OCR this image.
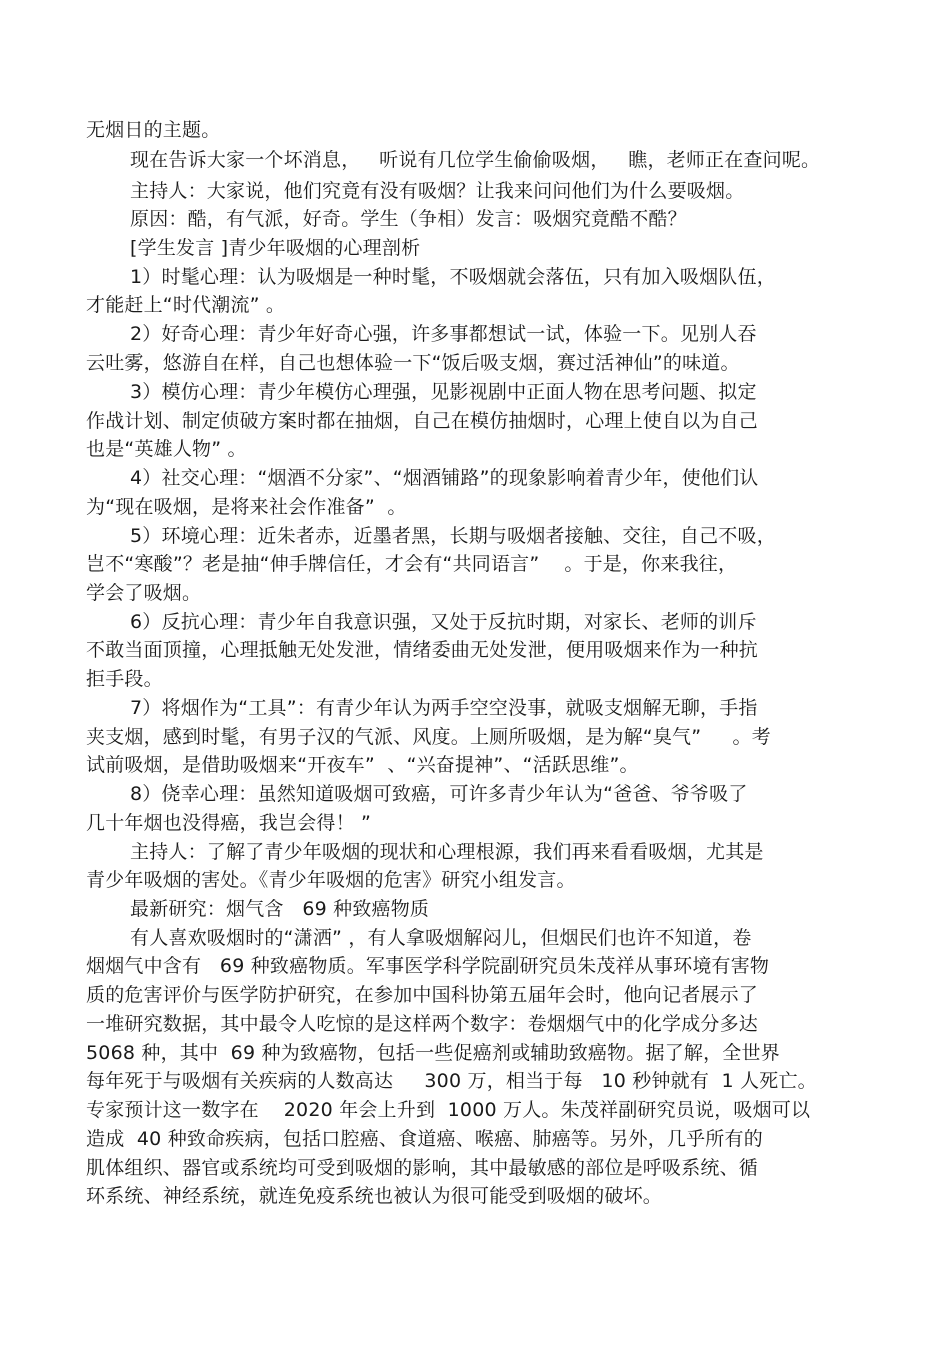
无烟日的主题。
现在告诉大家一个坏消息，   听说有几位学生偷偷吸烟，   瞧，老师正在查问呢。
主持人：大家说，他们究竟有没有吸烟？让我来问问他们为什么要吸烟。
原因：酷，有气派，好奇。学生（争相）发言：吸烟究竟酷不酷？
[学生发言 ]青少年吸烟的心理剖析
1）时髦心理：认为吸烟是一种时髦，不吸烟就会落伍，只有加入吸烟队伍，
才能赶上“时代潮流” 。
2）好奇心理：青少年好奇心强，许多事都想试一试，体验一下。见别人吞
云吐雾，悠游自在样，自己也想体验一下“饭后吸支烟，赛过活神仙”的味道。
3）模仿心理：青少年模仿心理强，见影视剧中正面人物在思考问题、拟定
作战计划、制定侦破方案时都在抽烟，自己在模仿抽烟时，心理上使自以为自己
也是“英雄人物” 。
4）社交心理：“烟酒不分家”、“烟酒铺路”的现象影响着青少年，使他们认
为“现在吸烟，是将来社会作准备”  。
5）环境心理：近朱者赤，近墨者黑，长期与吸烟者接触、交往，自己不吸，
岂不“寒酸”？老是抽“伸手牌信任，才会有“共同语言”    。于是，你来我往，
学会了吸烟。
6）反抗心理：青少年自我意识强，又处于反抗时期，对家长、老师的训斥
不敢当面顶撞，心理抵触无处发泄，情绪委曲无处发泄，便用吸烟来作为一种抗
拒手段。
7）将烟作为“工具”：有青少年认为两手空空没事，就吸支烟解无聊，手指
夹支烟，感到时髦，有男子汉的气派、风度。上厕所吸烟，是为解“臭气”     。考
试前吸烟，是借助吸烟来“开夜车”  、“兴奋提神”、“活跃思维”。
8）侥幸心理：虽然知道吸烟可致癌，可许多青少年认为“爸爸、爷爷吸了
几十年烟也没得癌，我岂会得！ ”
主持人：了解了青少年吸烟的现状和心理根源，我们再来看看吸烟，尤其是
青少年吸烟的害处。《青少年吸烟的危害》研究小组发言。
最新研究：烟气含   69 种致癌物质
有人喜欢吸烟时的“潇洒” ，有人拿吸烟解闷儿，但烟民们也许不知道，卷
烟烟气中含有   69 种致癌物质。军事医学科学院副研究员朱茂祥从事环境有害物
质的危害评价与医学防护研究，在参加中国科协第五届年会时，他向记者展示了
一堆研究数据，其中最令人吃惊的是这样两个数字：卷烟烟气中的化学成分多达
5068 种，其中  69 种为致癌物，包括一些促癌剂或辅助致癌物。据了解，全世界
每年死于与吸烟有关疾病的人数高达     300 万，相当于每   10 秒钟就有  1 人死亡。
专家预计这一数字在    2020 年会上升到  1000 万人。朱茂祥副研究员说，吸烟可以
造成  40 种致命疾病，包括口腔癌、食道癌、喉癌、肺癌等。另外，几乎所有的
肌体组织、器官或系统均可受到吸烟的影响，其中最敏感的部位是呼吸系统、循
环系统、神经系统，就连免疫系统也被认为很可能受到吸烟的破坏。
